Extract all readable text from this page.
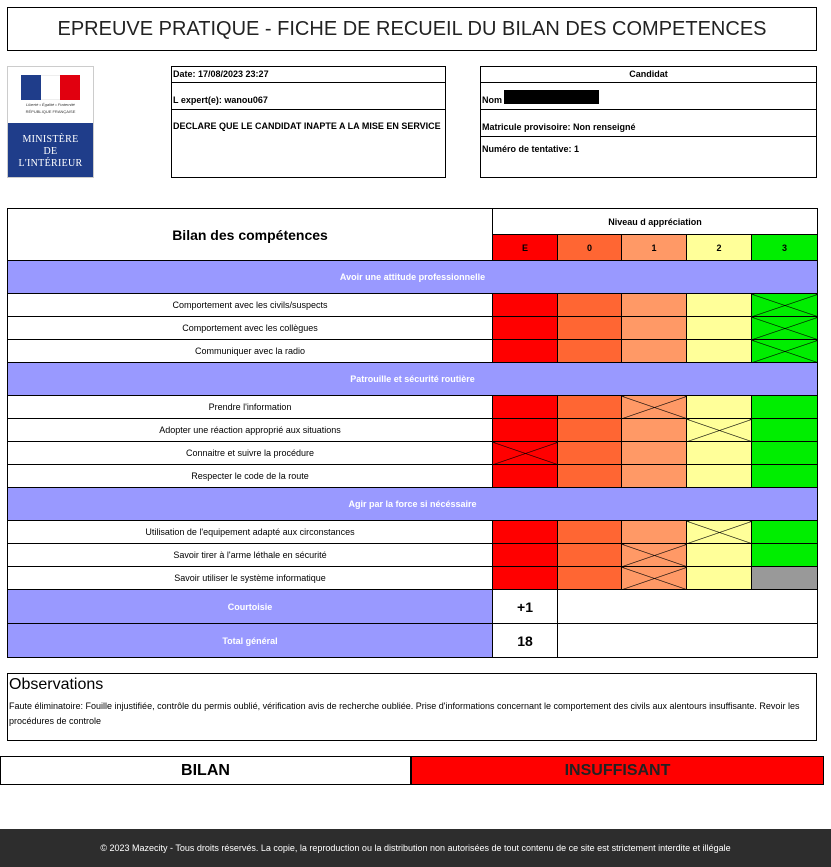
EPREUVE PRATIQUE - FICHE DE RECUEIL DU BILAN DES COMPETENCES
Liberté • Égalité • Fraternité
RÉPUBLIQUE FRANÇAISE
MINISTÈRE
DE
L'INTÉRIEUR
Date: 17/08/2023 23:27
L expert(e): wanou067
DECLARE QUE LE CANDIDAT INAPTE A LA MISE EN SERVICE
Candidat
Nom
Matricule provisoire: Non renseigné
Numéro de tentative: 1
Bilan des compétences	Niveau d appréciation				
	E	0	1	2	3
Avoir une attitude professionnelle					
Comportement avec les civils/suspects					
Comportement avec les collègues					
Communiquer avec la radio					
Patrouille et sécurité routière					
Prendre l'information					
Adopter une réaction approprié aux situations					
Connaitre et suivre la procédure					
Respecter le code de la route					
Agir par la force si nécéssaire					
Utilisation de l'equipement adapté aux circonstances					
Savoir tirer à l'arme léthale en sécurité					
Savoir utiliser le système informatique					
Courtoisie	+1				
Total général	18				
Observations
Faute éliminatoire: Fouille injustifiée, contrôle du permis oublié, vérification avis de recherche oubliée. Prise d'informations concernant le comportement des civils aux alentours insuffisante. Revoir les procédures de controle
BILAN	INSUFFISANT
© 2023 Mazecity - Tous droits réservés. La copie, la reproduction ou la distribution non autorisées de tout contenu de ce site est strictement interdite et illégale
